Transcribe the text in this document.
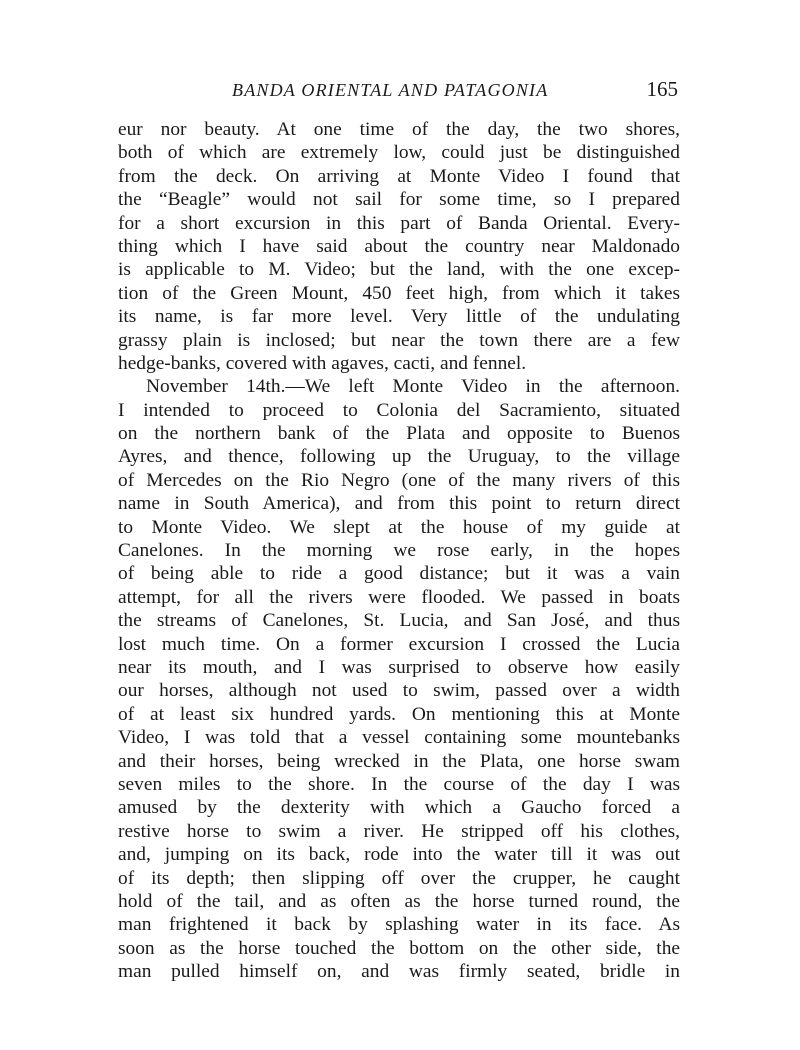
BANDA ORIENTAL AND PATAGONIA	165
eur nor beauty. At one time of the day, the two shores,
both of which are extremely low, could just be distinguished
from the deck. On arriving at Monte Video I found that
the “Beagle” would not sail for some time, so I prepared
for a short excursion in this part of Banda Oriental. Every-
thing which I have said about the country near Maldonado
is applicable to M. Video; but the land, with the one excep-
tion of the Green Mount, 450 feet high, from which it takes
its name, is far more level. Very little of the undulating
grassy plain is inclosed; but near the town there are a few
hedge-banks, covered with agaves, cacti, and fennel.
November 14th.—We left Monte Video in the afternoon.
I intended to proceed to Colonia del Sacramiento, situated
on the northern bank of the Plata and opposite to Buenos
Ayres, and thence, following up the Uruguay, to the village
of Mercedes on the Rio Negro (one of the many rivers of this
name in South America), and from this point to return direct
to Monte Video. We slept at the house of my guide at
Canelones. In the morning we rose early, in the hopes
of being able to ride a good distance; but it was a vain
attempt, for all the rivers were flooded. We passed in boats
the streams of Canelones, St. Lucia, and San José, and thus
lost much time. On a former excursion I crossed the Lucia
near its mouth, and I was surprised to observe how easily
our horses, although not used to swim, passed over a width
of at least six hundred yards. On mentioning this at Monte
Video, I was told that a vessel containing some mountebanks
and their horses, being wrecked in the Plata, one horse swam
seven miles to the shore. In the course of the day I was
amused by the dexterity with which a Gaucho forced a
restive horse to swim a river. He stripped off his clothes,
and, jumping on its back, rode into the water till it was out
of its depth; then slipping off over the crupper, he caught
hold of the tail, and as often as the horse turned round, the
man frightened it back by splashing water in its face. As
soon as the horse touched the bottom on the other side, the
man pulled himself on, and was firmly seated, bridle in
